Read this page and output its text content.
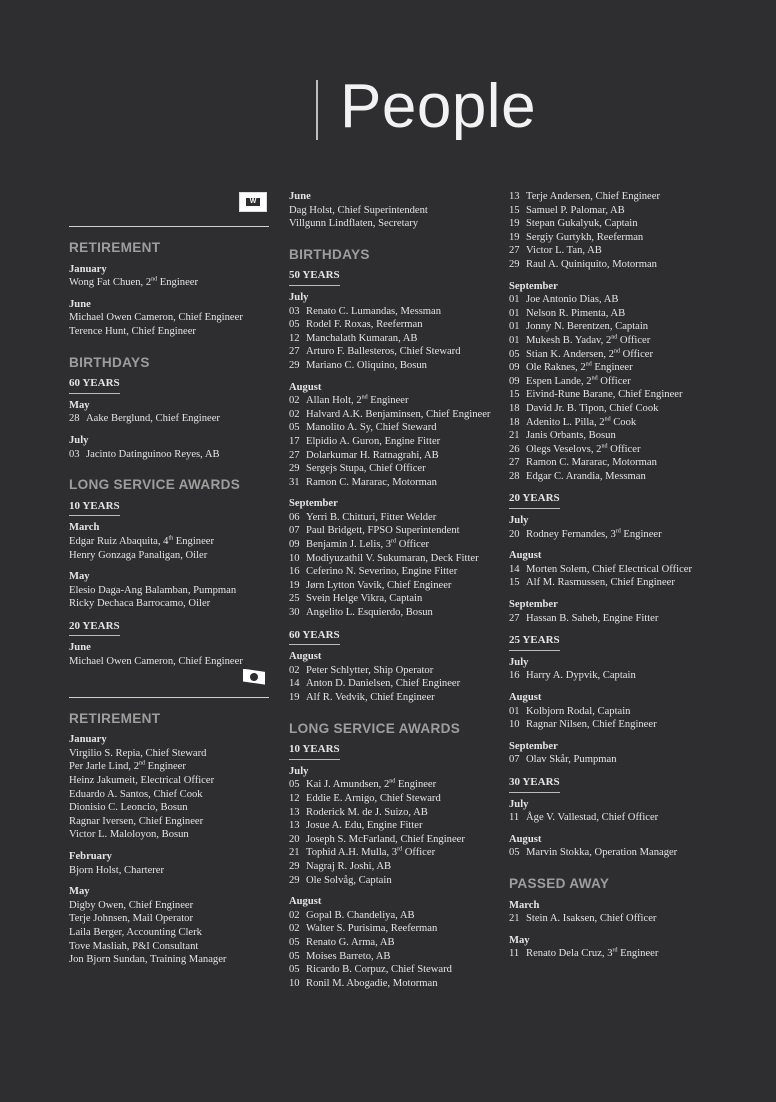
People
W
RETIREMENT
January
Wong Fat Chuen, 2nd Engineer
June
Michael Owen Cameron, Chief Engineer
Terence Hunt, Chief Engineer
BIRTHDAYS
60 YEARS
May
28 Aake Berglund, Chief Engineer
July
03 Jacinto Datinguinoo Reyes, AB
LONG SERVICE AWARDS
10 YEARS
March
Edgar Ruiz Abaquita, 4th Engineer
Henry Gonzaga Panaligan, Oiler
May
Elesio Daga-Ang Balamban, Pumpman
Ricky Dechaca Barrocamo, Oiler
20 YEARS
June
Michael Owen Cameron, Chief Engineer
RETIREMENT
January
Virgilio S. Repia, Chief Steward
Per Jarle Lind, 2nd Engineer
Heinz Jakumeit, Electrical Officer
Eduardo A. Santos, Chief Cook
Dionisio C. Leoncio, Bosun
Ragnar Iversen, Chief Engineer
Victor L. Maloloyon, Bosun
February
Bjorn Holst, Charterer
May
Digby Owen, Chief Engineer
Terje Johnsen, Mail Operator
Laila Berger, Accounting Clerk
Tove Masliah, P&I Consultant
Jon Bjorn Sundan, Training Manager
June
Dag Holst, Chief Superintendent
Villgunn Lindflaten, Secretary
BIRTHDAYS
50 YEARS
July
03 Renato C. Lumandas, Messman
05 Rodel F. Roxas, Reeferman
12 Manchalath Kumaran, AB
27 Arturo F. Ballesteros, Chief Steward
29 Mariano C. Oliquino, Bosun
August
02 Allan Holt, 2nd Engineer
02 Halvard A.K. Benjaminsen, Chief Engineer
05 Manolito A. Sy, Chief Steward
17 Elpidio A. Guron, Engine Fitter
27 Dolarkumar H. Ratnagrahi, AB
29 Sergejs Stupa, Chief Officer
31 Ramon C. Mararac, Motorman
September
06 Yerri B. Chitturi, Fitter Welder
07 Paul Bridgett, FPSO Superintendent
09 Benjamin J. Lelis, 3rd Officer
10 Modiyuzathil V. Sukumaran, Deck Fitter
16 Ceferino N. Severino, Engine Fitter
19 Jørn Lytton Vavik, Chief Engineer
25 Svein Helge Vikra, Captain
30 Angelito L. Esquierdo, Bosun
60 YEARS
August
02 Peter Schlytter, Ship Operator
14 Anton D. Danielsen, Chief Engineer
19 Alf R. Vedvik, Chief Engineer
LONG SERVICE AWARDS
10 YEARS
July
05 Kai J. Amundsen, 2nd Engineer
12 Eddie E. Arnigo, Chief Steward
13 Roderick M. de J. Suizo, AB
13 Josue A. Edu, Engine Fitter
20 Joseph S. McFarland, Chief Engineer
21 Tophid A.H. Mulla, 3rd Officer
29 Nagraj R. Joshi, AB
29 Ole Solvåg, Captain
August
02 Gopal B. Chandeliya, AB
02 Walter S. Purisima, Reeferman
05 Renato G. Arma, AB
05 Moises Barreto, AB
05 Ricardo B. Corpuz, Chief Steward
10 Ronil M. Abogadie, Motorman
13 Terje Andersen, Chief Engineer
15 Samuel P. Palomar, AB
19 Stepan Gukalyuk, Captain
19 Sergiy Gurtykh, Reeferman
27 Victor L. Tan, AB
29 Raul A. Quiniquito, Motorman
September
01 Joe Antonio Dias, AB
01 Nelson R. Pimenta, AB
01 Jonny N. Berentzen, Captain
01 Mukesh B. Yadav, 2nd Officer
05 Stian K. Andersen, 2nd Officer
09 Ole Raknes, 2nd Engineer
09 Espen Lande, 2nd Officer
15 Eivind-Rune Barane, Chief Engineer
18 David Jr. B. Tipon, Chief Cook
18 Adenito L. Pilla, 2nd Cook
21 Janis Orbants, Bosun
26 Olegs Veselovs, 2nd Officer
27 Ramon C. Mararac, Motorman
28 Edgar C. Arandia, Messman
20 YEARS
July
20 Rodney Fernandes, 3rd Engineer
August
14 Morten Solem, Chief Electrical Officer
15 Alf M. Rasmussen, Chief Engineer
September
27 Hassan B. Saheb, Engine Fitter
25 YEARS
July
16 Harry A. Dypvik, Captain
August
01 Kolbjorn Rodal, Captain
10 Ragnar Nilsen, Chief Engineer
September
07 Olav Skår, Pumpman
30 YEARS
July
11 Åge V. Vallestad, Chief Officer
August
05 Marvin Stokka, Operation Manager
PASSED AWAY
March
21 Stein A. Isaksen, Chief Officer
May
11 Renato Dela Cruz, 3rd Engineer
